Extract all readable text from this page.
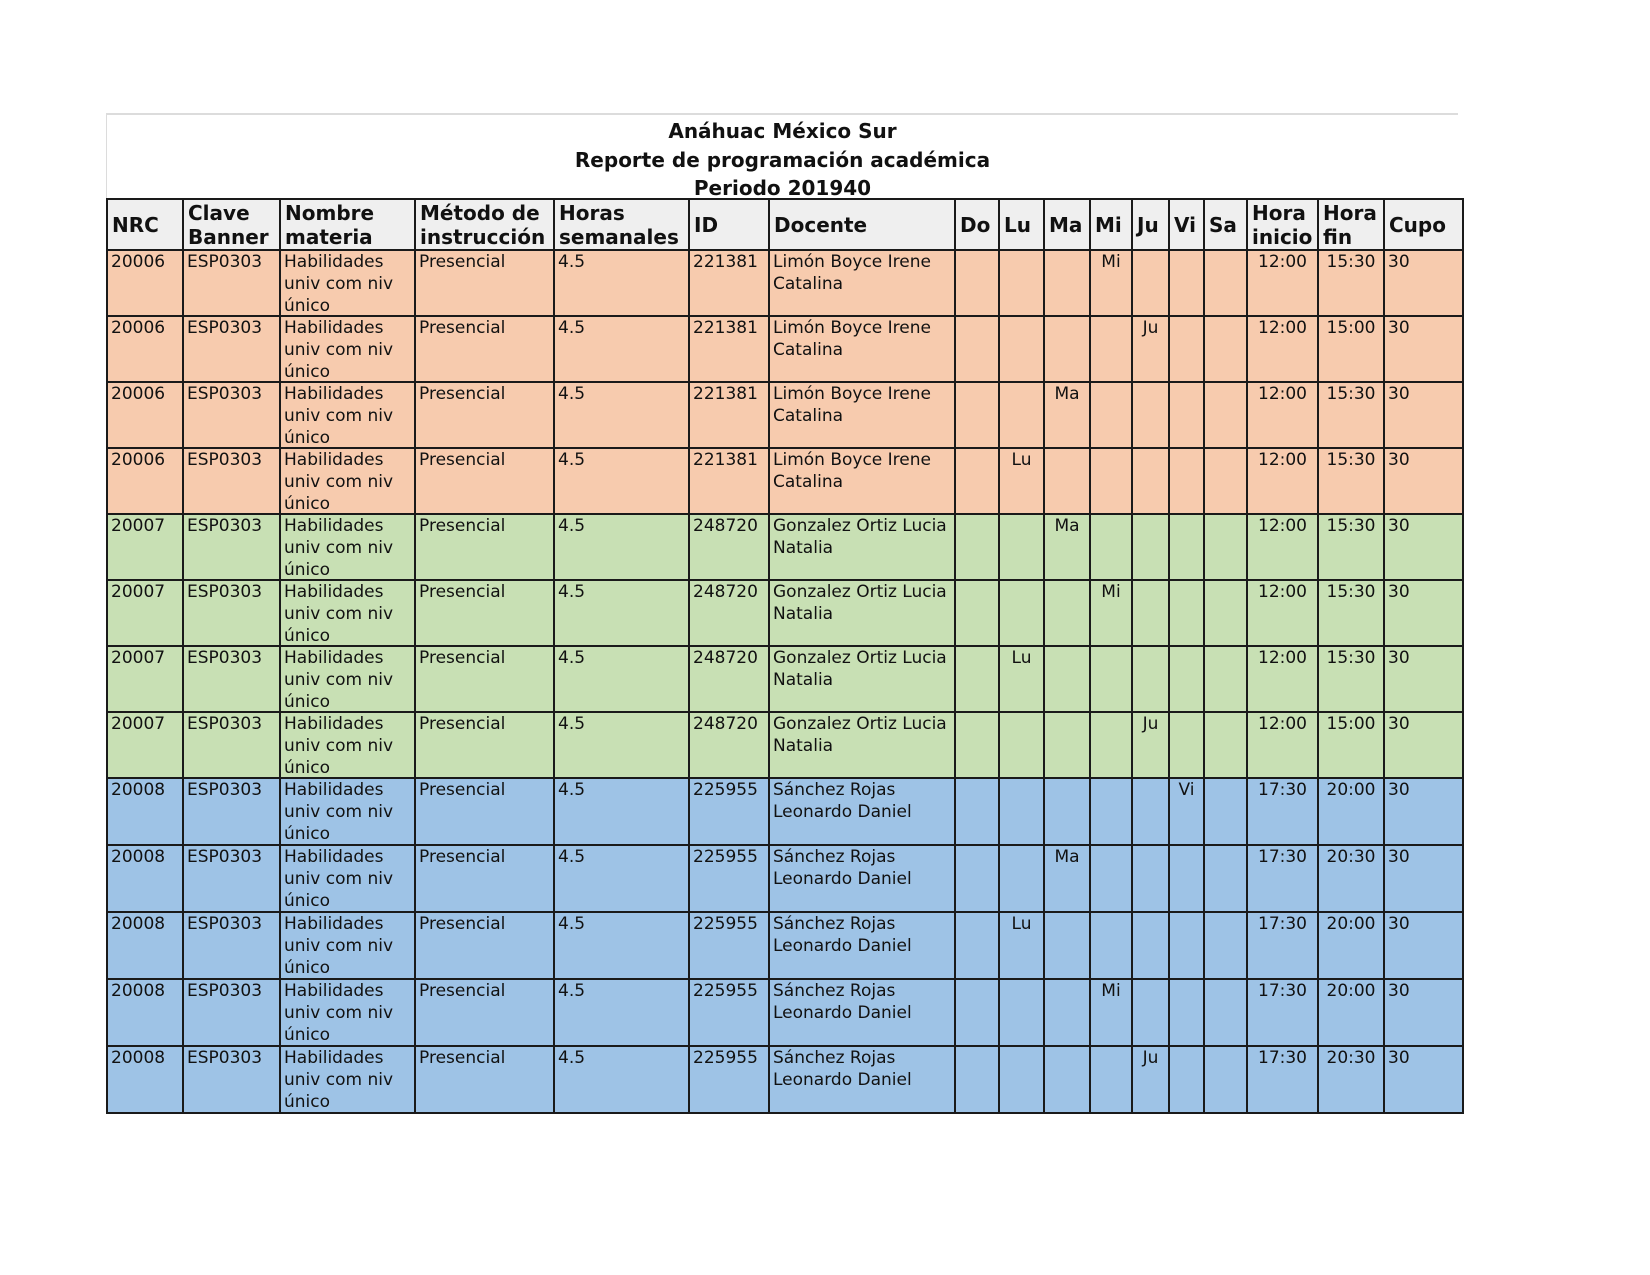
Anáhuac México Sur
Reporte de programación académica
Periodo 201940
NRC	Clave Banner	Nombre materia	Método de instrucción	Horas semanales	ID	Docente	Do	Lu	Ma	Mi	Ju	Vi	Sa	Hora inicio	Hora fin	Cupo

20006	ESP0303	Habilidades univ com niv único	Presencial	4.5	221381	Limón Boyce Irene Catalina				Mi				12:00	15:30	30

20006	ESP0303	Habilidades univ com niv único	Presencial	4.5	221381	Limón Boyce Irene Catalina					Ju			12:00	15:00	30

20006	ESP0303	Habilidades univ com niv único	Presencial	4.5	221381	Limón Boyce Irene Catalina			Ma					12:00	15:30	30

20006	ESP0303	Habilidades univ com niv único	Presencial	4.5	221381	Limón Boyce Irene Catalina		Lu						12:00	15:30	30

20007	ESP0303	Habilidades univ com niv único	Presencial	4.5	248720	Gonzalez Ortiz Lucia Natalia			Ma					12:00	15:30	30

20007	ESP0303	Habilidades univ com niv único	Presencial	4.5	248720	Gonzalez Ortiz Lucia Natalia				Mi				12:00	15:30	30

20007	ESP0303	Habilidades univ com niv único	Presencial	4.5	248720	Gonzalez Ortiz Lucia Natalia		Lu						12:00	15:30	30

20007	ESP0303	Habilidades univ com niv único	Presencial	4.5	248720	Gonzalez Ortiz Lucia Natalia					Ju			12:00	15:00	30

20008	ESP0303	Habilidades univ com niv único	Presencial	4.5	225955	Sánchez Rojas Leonardo Daniel						Vi		17:30	20:00	30

20008	ESP0303	Habilidades univ com niv único	Presencial	4.5	225955	Sánchez Rojas Leonardo Daniel			Ma					17:30	20:30	30

20008	ESP0303	Habilidades univ com niv único	Presencial	4.5	225955	Sánchez Rojas Leonardo Daniel		Lu						17:30	20:00	30

20008	ESP0303	Habilidades univ com niv único	Presencial	4.5	225955	Sánchez Rojas Leonardo Daniel				Mi				17:30	20:00	30

20008	ESP0303	Habilidades univ com niv único	Presencial	4.5	225955	Sánchez Rojas Leonardo Daniel					Ju			17:30	20:30	30
